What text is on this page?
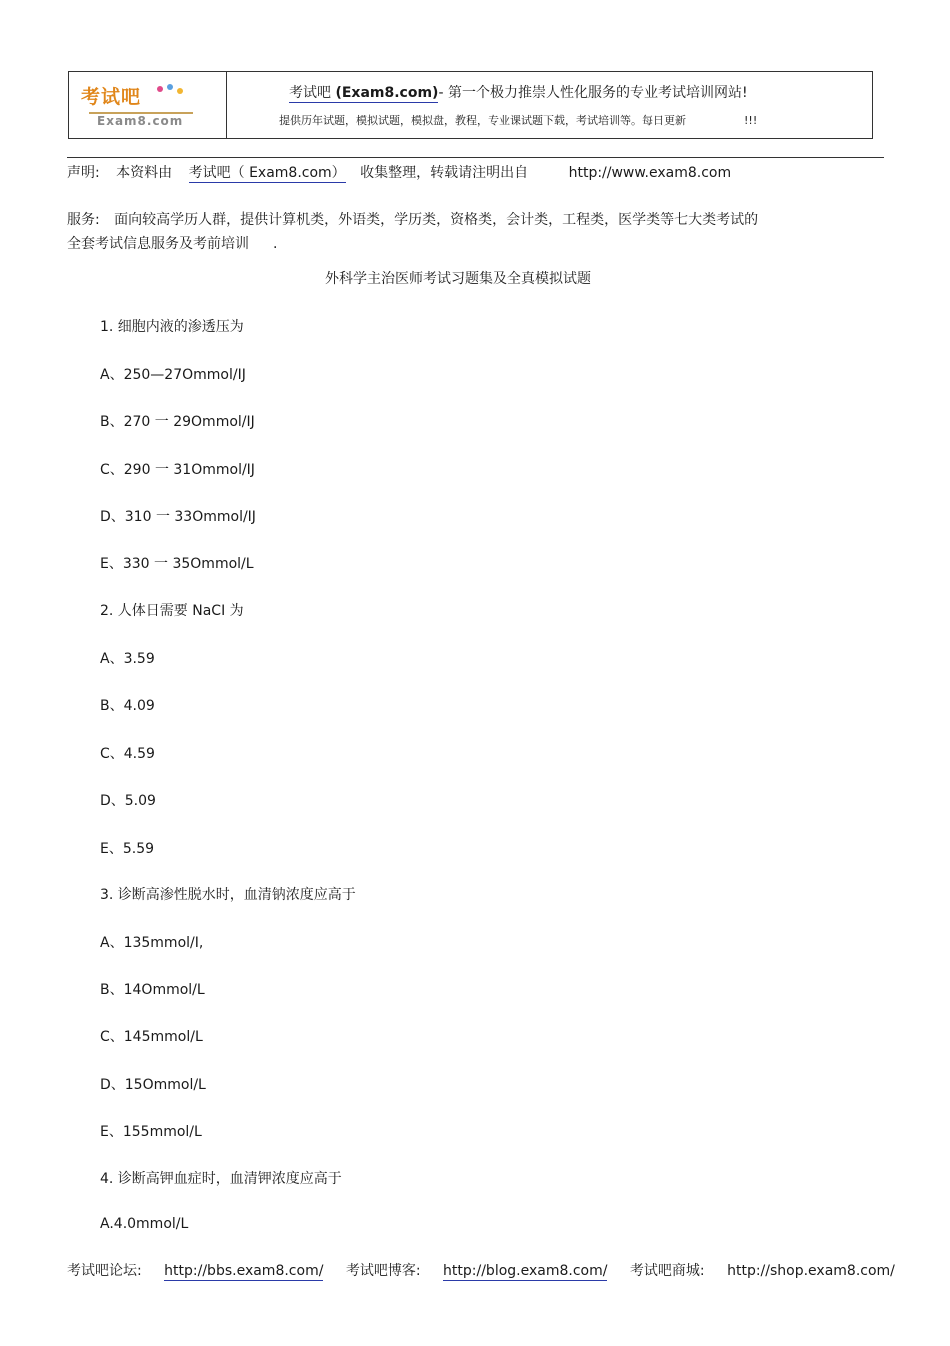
考试吧
Exam8.com
考试吧 (Exam8.com)- 第一个极力推崇人性化服务的专业考试培训网站!
提供历年试题，模拟试题，模拟盘，教程，专业课试题下载，考试培训等。每日更新	!!!
声明: 本资料由 考试吧（ Exam8.com） 收集整理，转载请注明出自	http://www.exam8.com
服务: 面向较高学历人群，提供计算机类，外语类，学历类，资格类，会计类，工程类，医学类等七大类考试的
全套考试信息服务及考前培训 .
外科学主治医师考试习题集及全真模拟试题
1. 细胞内液的渗透压为
A、250—27Ommol/IJ
B、270 一 29Ommol/IJ
C、290 一 31Ommol/IJ
D、310 一 33Ommol/IJ
E、330 一 35Ommol/L
2. 人体日需要 NaCI 为
A、3.59
B、4.09
C、4.59
D、5.09
E、5.59
3. 诊断高渗性脱水时，血清钠浓度应高于
A、135mmol/I,
B、14Ommol/L
C、145mmol/L
D、15Ommol/L
E、155mmol/L
4. 诊断高钾血症时，血清钾浓度应高于
A.4.0mmol/L
考试吧论坛: http://bbs.exam8.com/ 考试吧博客: http://blog.exam8.com/ 考试吧商城: http://shop.exam8.com/
